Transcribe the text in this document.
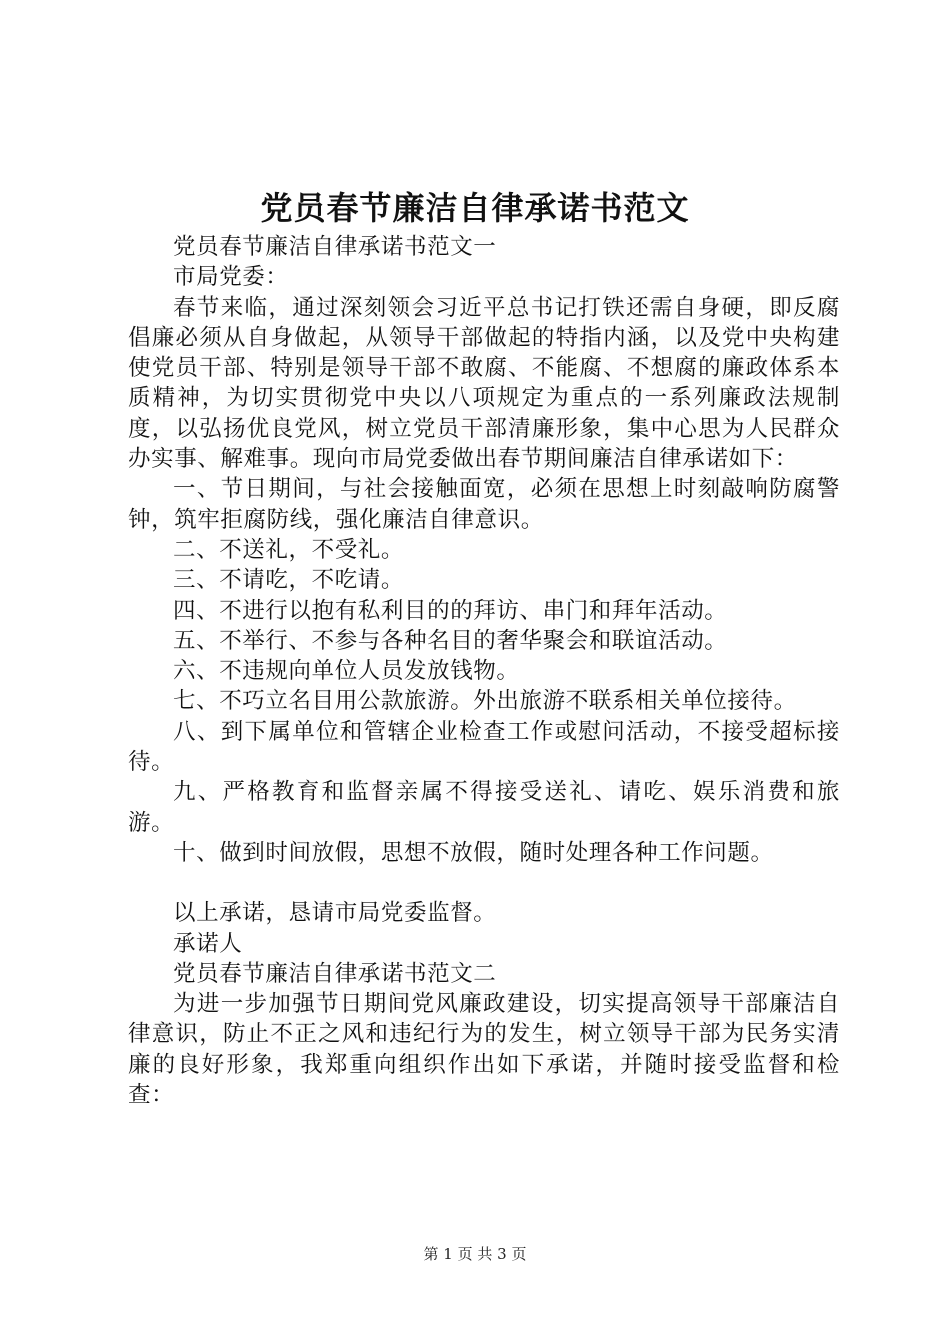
党员春节廉洁自律承诺书范文

党员春节廉洁自律承诺书范文一

市局党委：

春节来临，通过深刻领会习近平总书记打铁还需自身硬，即反腐倡廉必须从自身做起，从领导干部做起的特指内涵，以及党中央构建使党员干部、特别是领导干部不敢腐、不能腐、不想腐的廉政体系本质精神，为切实贯彻党中央以八项规定为重点的一系列廉政法规制度，以弘扬优良党风，树立党员干部清廉形象，集中心思为人民群众办实事、解难事。现向市局党委做出春节期间廉洁自律承诺如下：

一、节日期间，与社会接触面宽，必须在思想上时刻敲响防腐警钟，筑牢拒腐防线，强化廉洁自律意识。

二、不送礼，不受礼。

三、不请吃，不吃请。

四、不进行以抱有私利目的的拜访、串门和拜年活动。

五、不举行、不参与各种名目的奢华聚会和联谊活动。

六、不违规向单位人员发放钱物。

七、不巧立名目用公款旅游。外出旅游不联系相关单位接待。

八、到下属单位和管辖企业检查工作或慰问活动，不接受超标接待。

九、严格教育和监督亲属不得接受送礼、请吃、娱乐消费和旅游。

十、做到时间放假，思想不放假，随时处理各种工作问题。

以上承诺，恳请市局党委监督。

承诺人

党员春节廉洁自律承诺书范文二

为进一步加强节日期间党风廉政建设，切实提高领导干部廉洁自律意识，防止不正之风和违纪行为的发生，树立领导干部为民务实清廉的良好形象，我郑重向组织作出如下承诺，并随时接受监督和检查：

第 1 页 共 3 页
